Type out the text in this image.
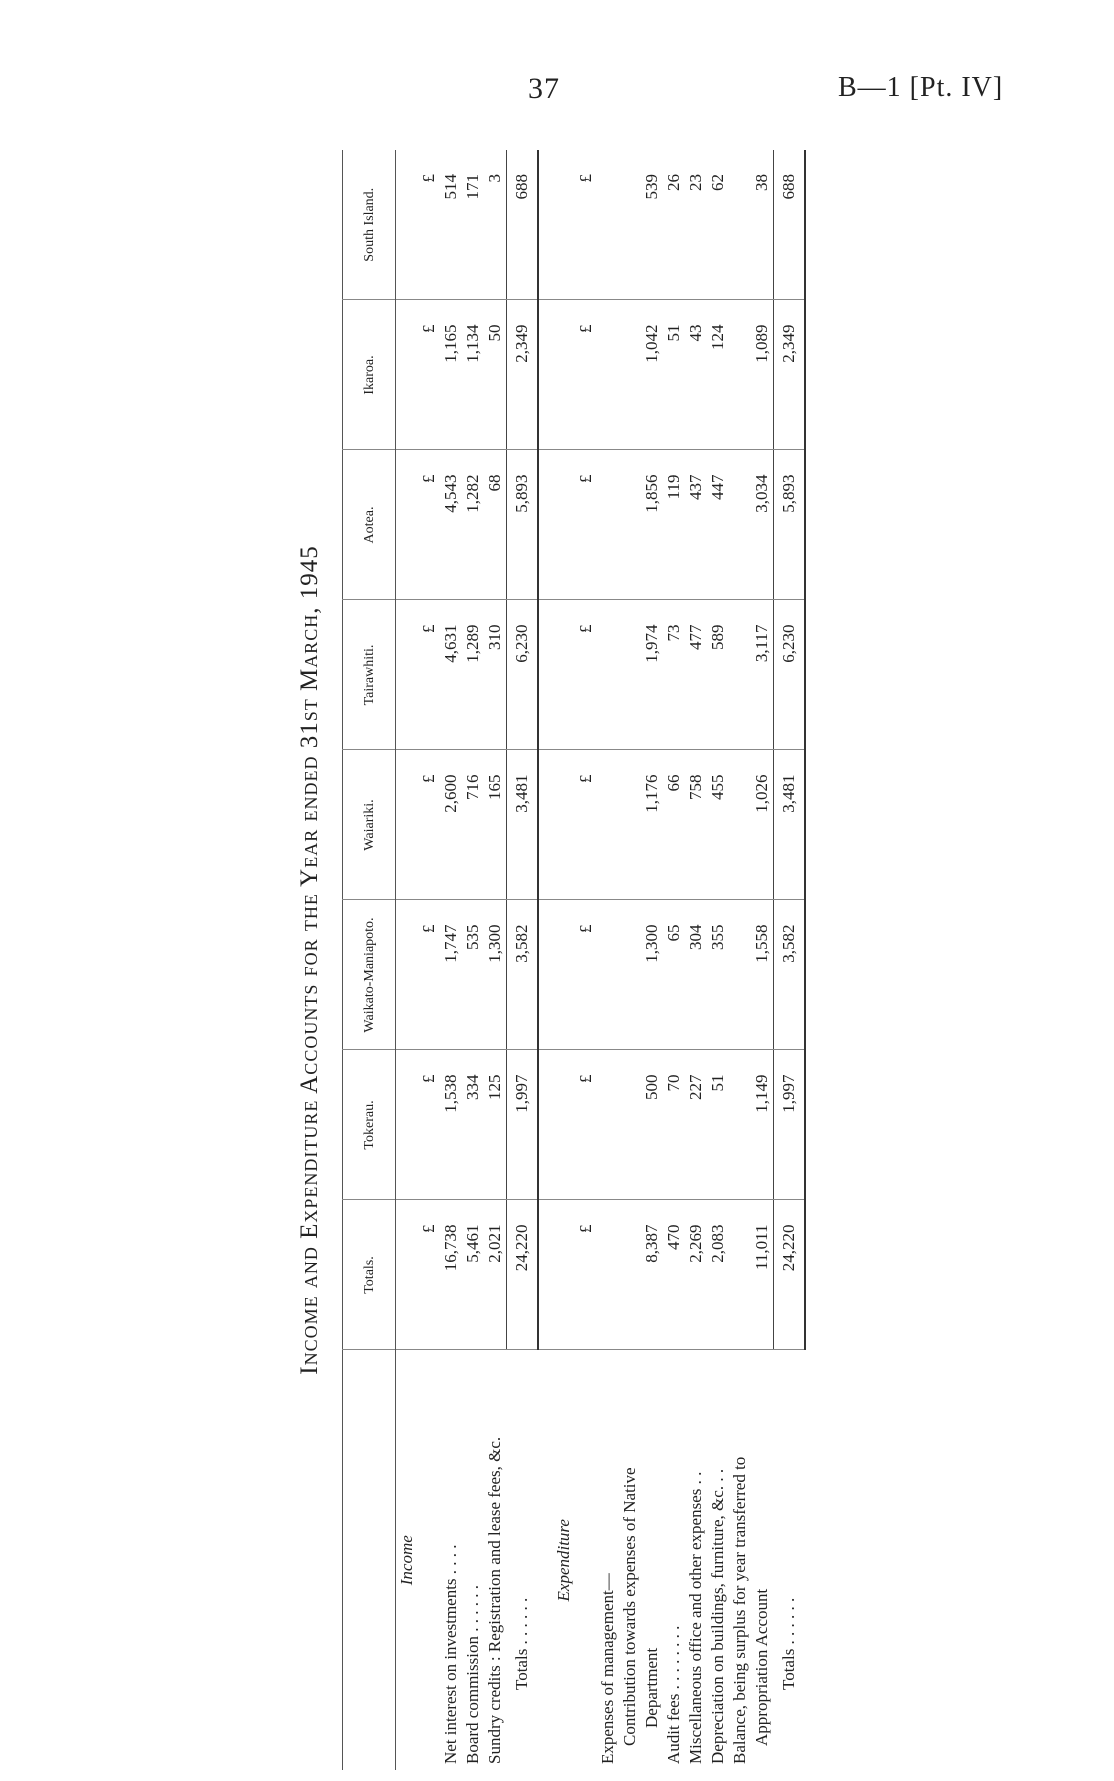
37	B—1 [Pt. IV]
Income and Expenditure Accounts for the Year ended 31st March, 1945
	Totals.	Tokerau.	Waikato-Maniapoto.	Waiariki.	Tairawhiti.	Aotea.	Ikaroa.	South Island.
Income								
	£	£	£	£	£	£	£	£
Net interest on investments . . . .	16,738	1,538	1,747	2,600	4,631	4,543	1,165	514
Board commission . . . . . .	5,461	334	535	716	1,289	1,282	1,134	171
Sundry credits : Registration and lease fees, &c.	2,021	125	1,300	165	310	68	50	3
Totals . . . . . .	24,220	1,997	3,582	3,481	6,230	5,893	2,349	688

Expenditure								
	£	£	£	£	£	£	£	£
Expenses of management—								
Contribution towards expenses of Native								
Department	8,387	500	1,300	1,176	1,974	1,856	1,042	539
Audit fees . . . . . . . .	470	70	65	66	73	119	51	26
Miscellaneous office and other expenses . .	2,269	227	304	758	477	437	43	23
Depreciation on buildings, furniture, &c. . .	2,083	51	355	455	589	447	124	62
Balance, being surplus for year transferred to								
Appropriation Account	11,011	1,149	1,558	1,026	3,117	3,034	1,089	38
Totals . . . . . .	24,220	1,997	3,582	3,481	6,230	5,893	2,349	688
